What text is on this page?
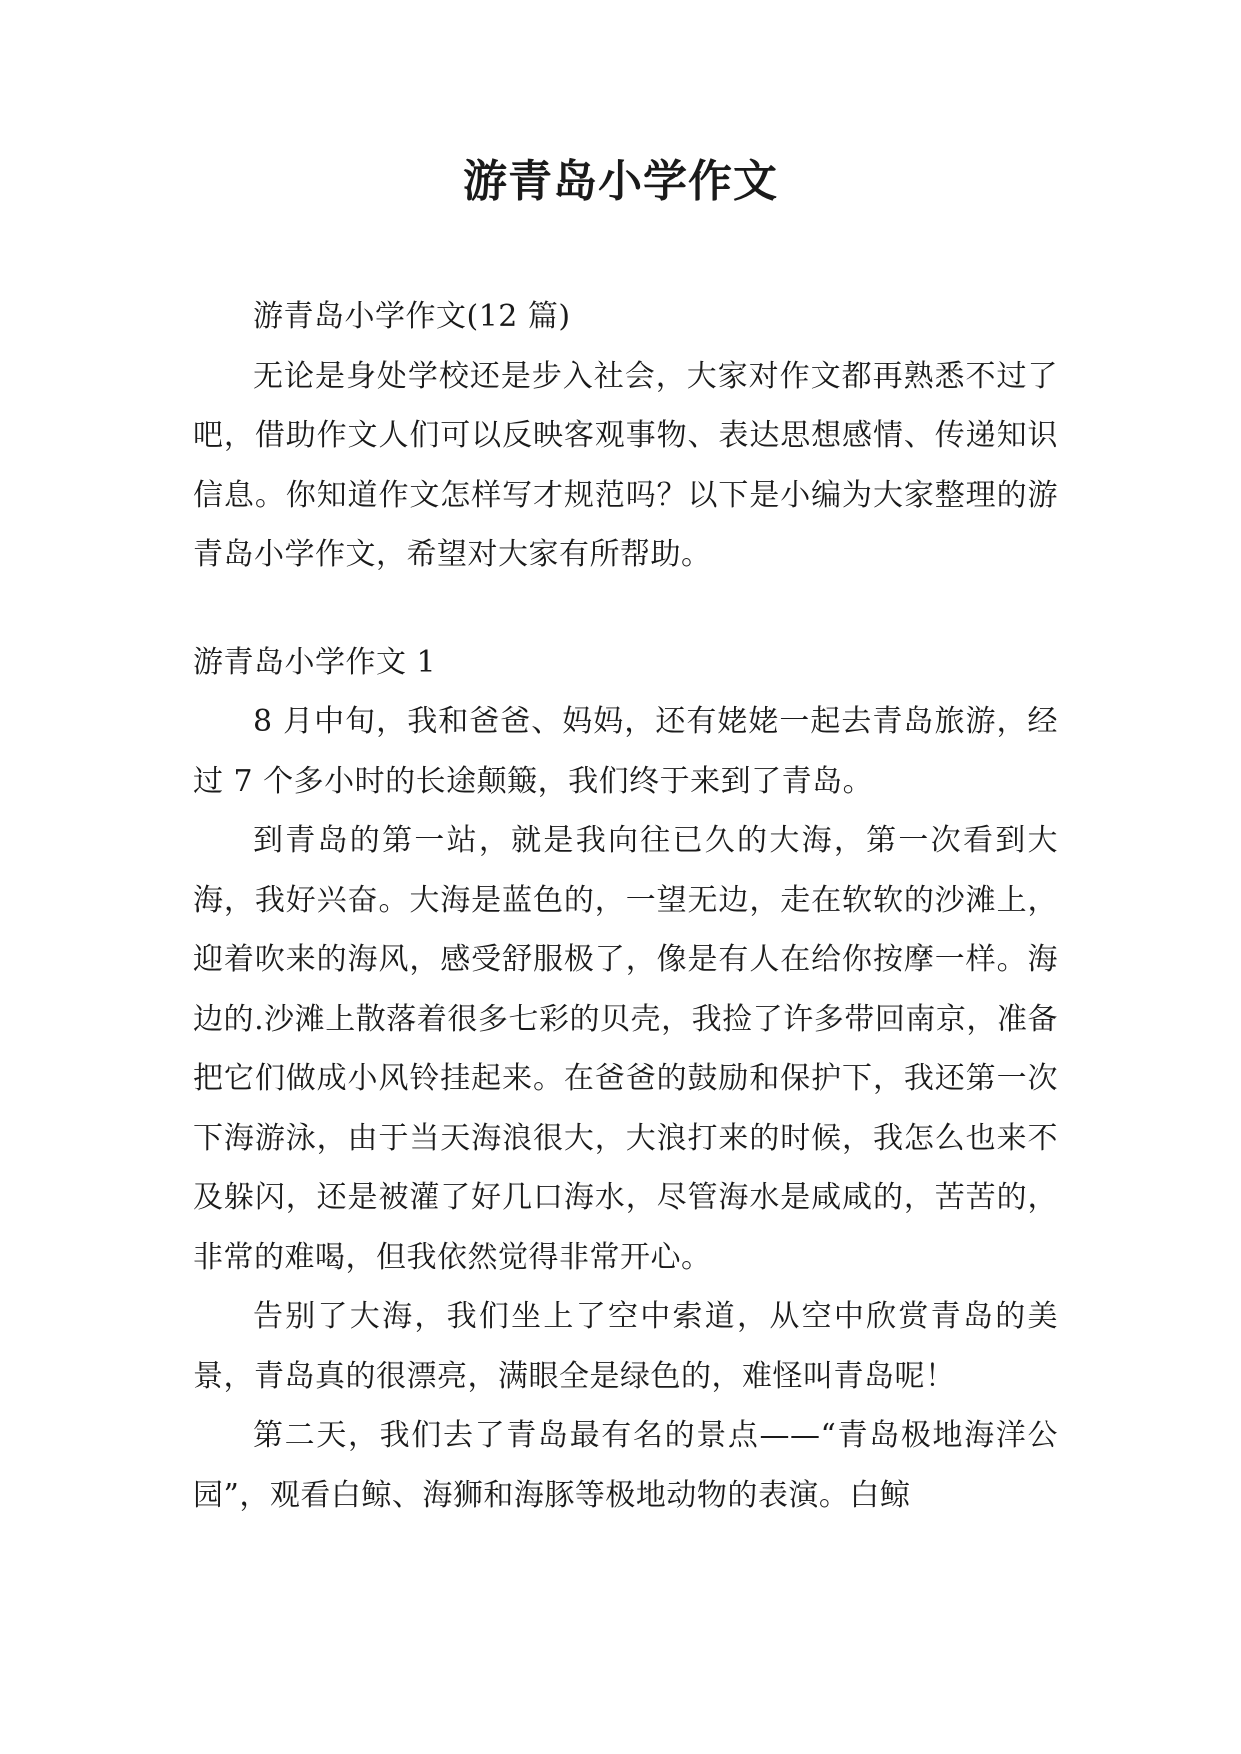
游青岛小学作文

游青岛小学作文(12 篇)

无论是身处学校还是步入社会，大家对作文都再熟悉不过了吧，借助作文人们可以反映客观事物、表达思想感情、传递知识信息。你知道作文怎样写才规范吗？以下是小编为大家整理的游青岛小学作文，希望对大家有所帮助。

游青岛小学作文 1

8 月中旬，我和爸爸、妈妈，还有姥姥一起去青岛旅游，经过 7 个多小时的长途颠簸，我们终于来到了青岛。

到青岛的第一站，就是我向往已久的大海，第一次看到大海，我好兴奋。大海是蓝色的，一望无边，走在软软的沙滩上，迎着吹来的海风，感受舒服极了，像是有人在给你按摩一样。海边的.沙滩上散落着很多七彩的贝壳，我捡了许多带回南京，准备把它们做成小风铃挂起来。在爸爸的鼓励和保护下，我还第一次下海游泳，由于当天海浪很大，大浪打来的时候，我怎么也来不及躲闪，还是被灌了好几口海水，尽管海水是咸咸的，苦苦的，非常的难喝，但我依然觉得非常开心。

告别了大海，我们坐上了空中索道，从空中欣赏青岛的美景，青岛真的很漂亮，满眼全是绿色的，难怪叫青岛呢！

第二天，我们去了青岛最有名的景点——“青岛极地海洋公园”，观看白鲸、海狮和海豚等极地动物的表演。白鲸
